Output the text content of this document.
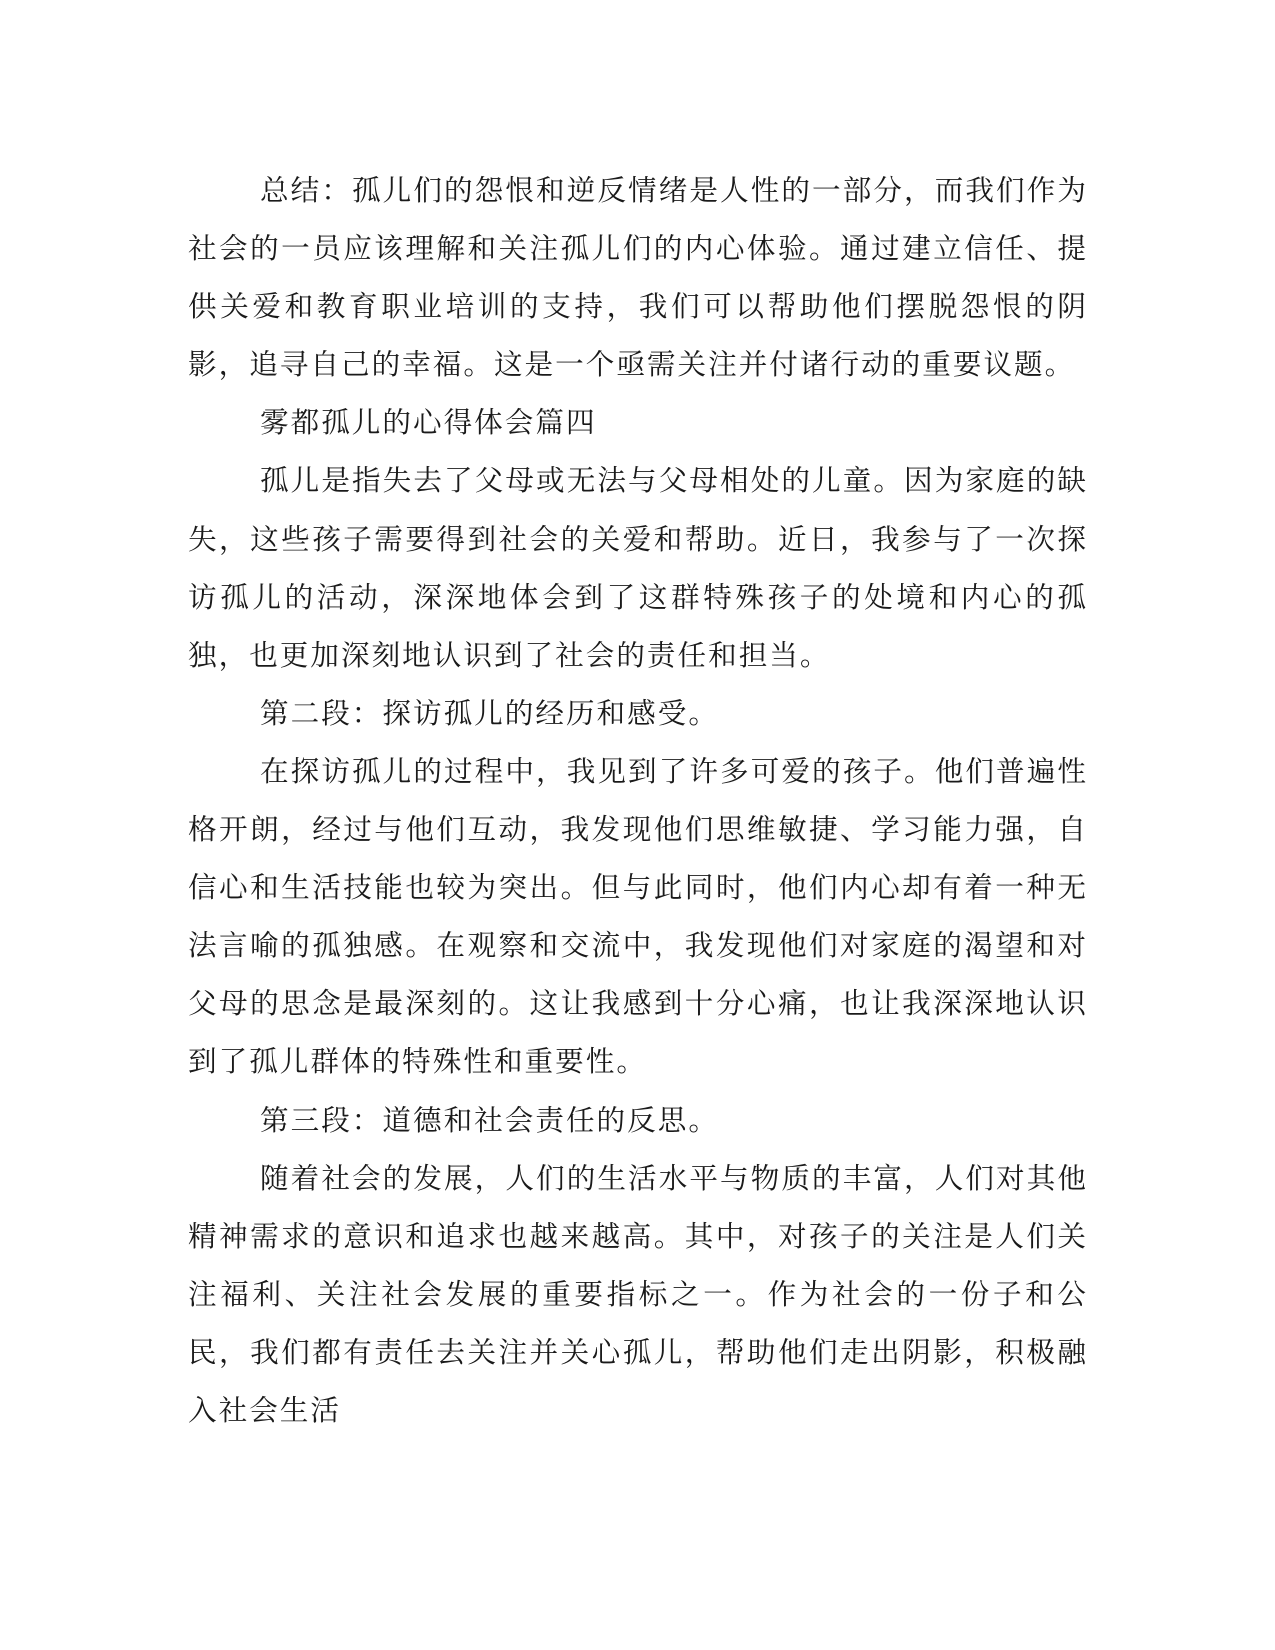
总结：孤儿们的怨恨和逆反情绪是人性的一部分，而我们作为社会的一员应该理解和关注孤儿们的内心体验。通过建立信任、提供关爱和教育职业培训的支持，我们可以帮助他们摆脱怨恨的阴影，追寻自己的幸福。这是一个亟需关注并付诸行动的重要议题。

雾都孤儿的心得体会篇四

孤儿是指失去了父母或无法与父母相处的儿童。因为家庭的缺失，这些孩子需要得到社会的关爱和帮助。近日，我参与了一次探访孤儿的活动，深深地体会到了这群特殊孩子的处境和内心的孤独，也更加深刻地认识到了社会的责任和担当。

第二段：探访孤儿的经历和感受。

在探访孤儿的过程中，我见到了许多可爱的孩子。他们普遍性格开朗，经过与他们互动，我发现他们思维敏捷、学习能力强，自信心和生活技能也较为突出。但与此同时，他们内心却有着一种无法言喻的孤独感。在观察和交流中，我发现他们对家庭的渴望和对父母的思念是最深刻的。这让我感到十分心痛，也让我深深地认识到了孤儿群体的特殊性和重要性。

第三段：道德和社会责任的反思。

随着社会的发展，人们的生活水平与物质的丰富，人们对其他精神需求的意识和追求也越来越高。其中，对孩子的关注是人们关注福利、关注社会发展的重要指标之一。作为社会的一份子和公民，我们都有责任去关注并关心孤儿，帮助他们走出阴影，积极融入社会生活
